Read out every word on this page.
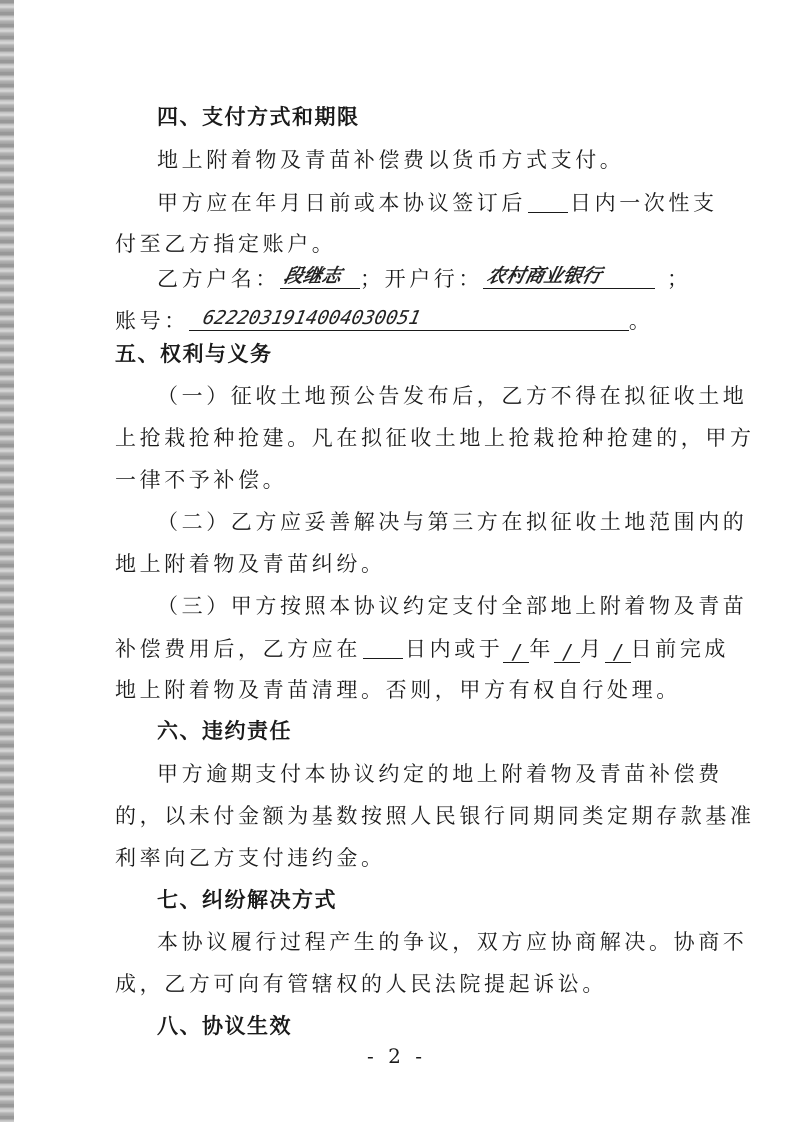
四、支付方式和期限
地上附着物及青苗补偿费以货币方式支付。
甲方应在年月日前或本协议签订后 日内一次性支
付至乙方指定账户。
乙方户名： 段继志 ；开户行： 农村商业银行	；
账号： 6222031914004030051	。
五、权利与义务
（一）征收土地预公告发布后，乙方不得在拟征收土地
上抢栽抢种抢建。凡在拟征收土地上抢栽抢种抢建的，甲方
一律不予补偿。
（二）乙方应妥善解决与第三方在拟征收土地范围内的
地上附着物及青苗纠纷。
（三）甲方按照本协议约定支付全部地上附着物及青苗
补偿费用后，乙方应在 日内或于 / 年 / 月 / 日前完成
地上附着物及青苗清理。否则，甲方有权自行处理。
六、违约责任
甲方逾期支付本协议约定的地上附着物及青苗补偿费
的，以未付金额为基数按照人民银行同期同类定期存款基准
利率向乙方支付违约金。
七、纠纷解决方式
本协议履行过程产生的争议，双方应协商解决。协商不
成，乙方可向有管辖权的人民法院提起诉讼。
八、协议生效
- 2 -
